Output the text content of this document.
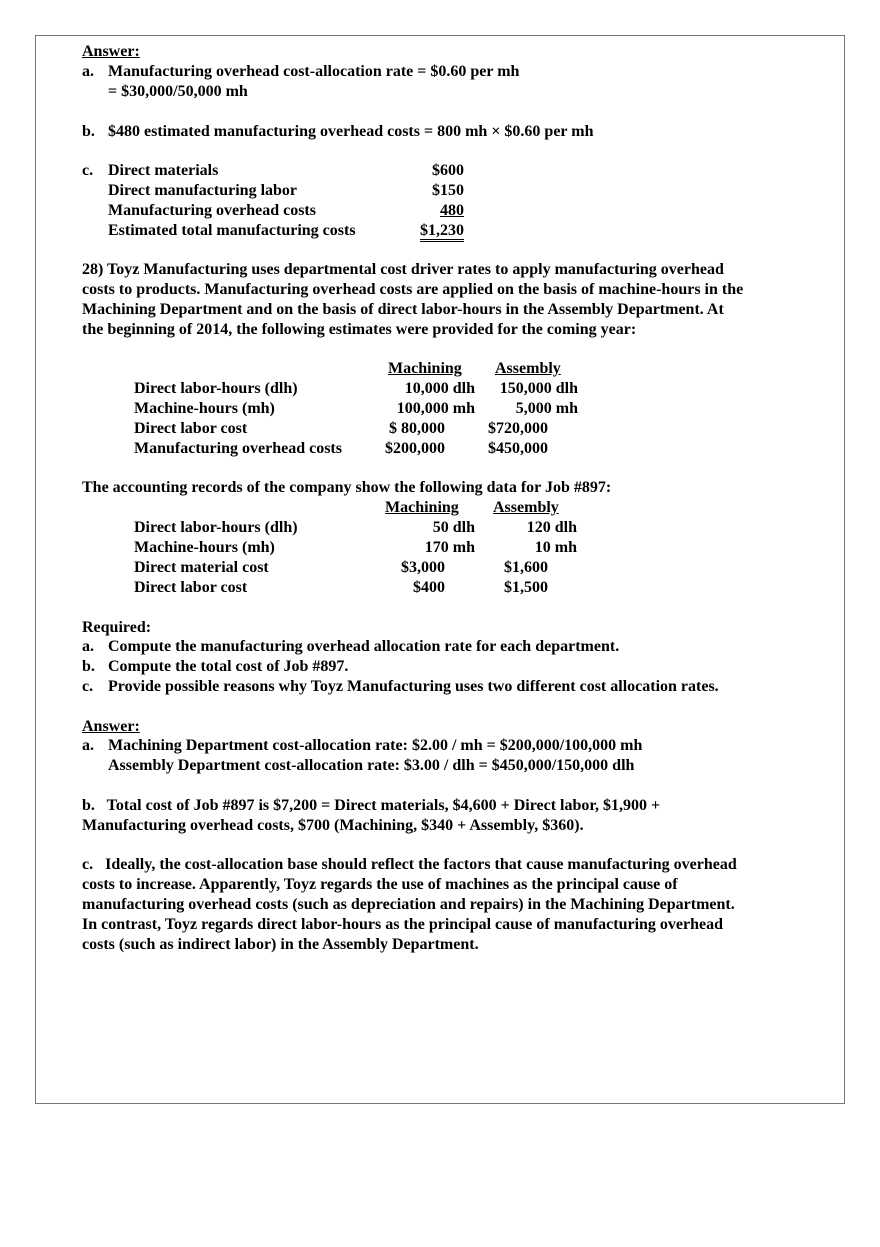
Answer:
a. Manufacturing overhead cost-allocation rate = $0.60 per mh
= $30,000/50,000 mh
b. $480 estimated manufacturing overhead costs = 800 mh × $0.60 per mh
c. Direct materials	$600
Direct manufacturing labor	$150
Manufacturing overhead costs	480
Estimated total manufacturing costs	$1,230
28) Toyz Manufacturing uses departmental cost driver rates to apply manufacturing overhead
costs to products. Manufacturing overhead costs are applied on the basis of machine-hours in the
Machining Department and on the basis of direct labor-hours in the Assembly Department. At
the beginning of 2014, the following estimates were provided for the coming year:
Machining Assembly
Direct labor-hours (dlh)	10,000 dlh	150,000 dlh
Machine-hours (mh)	100,000 mh	5,000 mh
Direct labor cost	$ 80,000	$720,000
Manufacturing overhead costs	$200,000	$450,000
The accounting records of the company show the following data for Job #897:
Machining Assembly
Direct labor-hours (dlh)	50 dlh	120 dlh
Machine-hours (mh)	170 mh	10 mh
Direct material cost	$3,000	$1,600
Direct labor cost	$400	$1,500
Required:
a. Compute the manufacturing overhead allocation rate for each department.
b. Compute the total cost of Job #897.
c. Provide possible reasons why Toyz Manufacturing uses two different cost allocation rates.
Answer:
a. Machining Department cost-allocation rate: $2.00 / mh = $200,000/100,000 mh
Assembly Department cost-allocation rate: $3.00 / dlh = $450,000/150,000 dlh
b.   Total cost of Job #897 is $7,200 = Direct materials, $4,600 + Direct labor, $1,900 +
Manufacturing overhead costs, $700 (Machining, $340 + Assembly, $360).
c.   Ideally, the cost-allocation base should reflect the factors that cause manufacturing overhead
costs to increase. Apparently, Toyz regards the use of machines as the principal cause of
manufacturing overhead costs (such as depreciation and repairs) in the Machining Department.
In contrast, Toyz regards direct labor-hours as the principal cause of manufacturing overhead
costs (such as indirect labor) in the Assembly Department.
